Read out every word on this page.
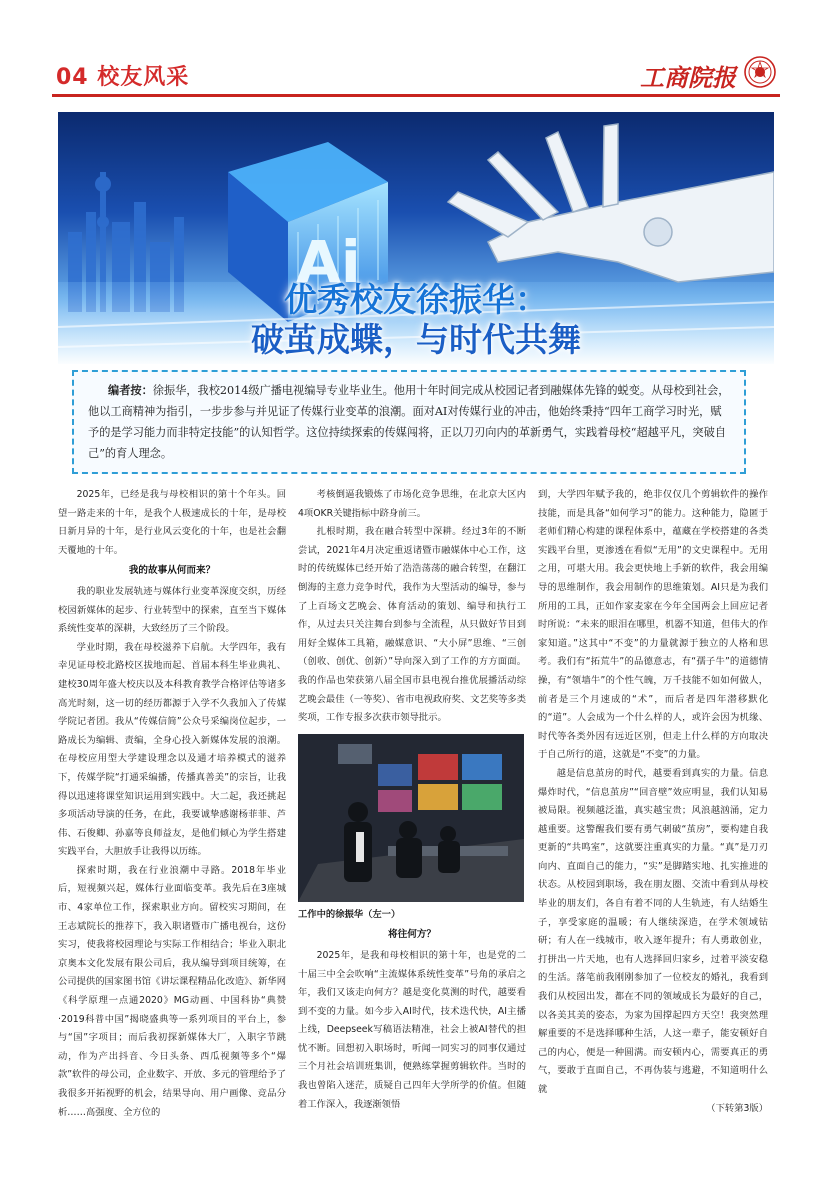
04 校友风采	工商院报
Ai
优秀校友徐振华：
破茧成蝶，与时代共舞

编者按：徐振华，我校2014级广播电视编导专业毕业生。他用十年时间完成从校园记者到融媒体先锋的蜕变。从母校到社会，他以工商精神为指引，一步步参与并见证了传媒行业变革的浪潮。面对AI对传媒行业的冲击，他始终秉持“四年工商学习时光，赋予的是学习能力而非特定技能”的认知哲学。这位持续探索的传媒闯将，正以刀刃向内的革新勇气，实践着母校“超越平凡，突破自己”的育人理念。

2025年，已经是我与母校相识的第十个年头。回望一路走来的十年，是我个人极速成长的十年，是母校日新月异的十年，是行业风云变化的十年，也是社会翻天覆地的十年。

我的故事从何而来？

我的职业发展轨迹与媒体行业变革深度交织，历经校园新媒体的起步、行业转型中的探索，直至当下媒体系统性变革的深耕，大致经历了三个阶段。

学业时期，我在母校滋养下启航。大学四年，我有幸见证母校北路校区拔地而起、首届本科生毕业典礼、建校30周年盛大校庆以及本科教育教学合格评估等诸多高光时刻，这一切的经历都源于入学不久我加入了传媒学院记者团。我从“传媒信简”公众号采编岗位起步，一路成长为编辑、责编，全身心投入新媒体发展的浪潮。在母校应用型大学建设理念以及通才培养模式的滋养下，传媒学院“打通采编播，传播真善美”的宗旨，让我得以迅速将课堂知识运用到实践中。大二起，我还挑起多项活动导演的任务，在此，我要诚挚感谢杨菲菲、芦伟、石俊卿、孙嘉等良师益友，是他们倾心为学生搭建实践平台，大胆放手让我得以历练。

探索时期，我在行业浪潮中寻路。2018年毕业后，短视频兴起，媒体行业面临变革。我先后在3座城市、4家单位工作，探索职业方向。留校实习期间，在王志斌院长的推荐下，我入职诸暨市广播电视台，这份实习，使我将校园理论与实际工作相结合；毕业入职北京奥本文化发展有限公司后，我从编导到项目统筹，在公司提供的国家图书馆《讲坛课程精品化改造》、新华网《科学原理一点通2020》MG动画、中国科协“典赞·2019科普中国”揭晓盛典等一系列项目的平台上，参与“国”字项目；而后我初探新媒体大厂，入职字节跳动，作为产出抖音、今日头条、西瓜视频等多个“爆款”软件的母公司，企业数字、开放、多元的管理给予了我很多开拓视野的机会，结果导向、用户画像、竞品分析……高强度、全方位的

考核倒逼我锻炼了市场化竞争思维，在北京大区内4项OKR关键指标中跻身前三。

扎根时期，我在融合转型中深耕。经过3年的不断尝试，2021年4月决定重返诸暨市融媒体中心工作，这时的传统媒体已经开始了浩浩荡荡的融合转型，在翻江倒海的主意力竞争时代，我作为大型活动的编导，参与了上百场文艺晚会、体育活动的策划、编导和执行工作，从过去只关注舞台到参与全流程，从只做好节目到用好全媒体工具箱，融媒意识、“大小屏”思维、“三创（创收、创优、创新）”导向深入到了工作的方方面面。我的作品也荣获第八届全国市县电视台推优展播活动综艺晚会最佳（一等奖）、省市电视政府奖、文艺奖等多类奖项，工作专报多次获市领导批示。

工作中的徐振华（左一）

将往何方？

2025年，是我和母校相识的第十年，也是党的二十届三中全会吹响“主流媒体系统性变革”号角的承启之年，我们又该走向何方？越是变化莫测的时代，越要看到不变的力量。如今步入AI时代，技术迭代快，AI主播上线，Deepseek写稿语法精准，社会上被AI替代的担忧不断。回想初入职场时，听闻一同实习的同事仅通过三个月社会培训班集训，便熟练掌握剪辑软件。当时的我也曾陷入迷茫，质疑自己四年大学所学的价值。但随着工作深入，我逐渐领悟

到，大学四年赋予我的，绝非仅仅几个剪辑软件的操作技能，而是具备“如何学习”的能力。这种能力，隐匿于老师们精心构建的课程体系中，蕴藏在学校搭建的各类实践平台里，更渗透在看似“无用”的文史课程中。无用之用，可堪大用。我会更快地上手新的软件，我会用编导的思维制作，我会用制作的思维策划。AI只是为我们所用的工具，正如作家麦家在今年全国两会上回应记者时所说：“未来的眼泪在哪里，机器不知道，但伟大的作家知道。”这其中“不变”的力量就源于独立的人格和思考。我们有“拓荒牛”的品德意志，有“孺子牛”的道德情操，有“领墙牛”的个性气魄，万千技能不如如何做人，前者是三个月速成的“术”，而后者是四年潜移默化的“道”。人会成为一个什么样的人，或许会因为机缘、时代等各类外因有远近区别，但走上什么样的方向取决于自己所行的道，这就是“不变”的力量。

越是信息茧房的时代，越要看到真实的力量。信息爆炸时代，“信息茧房”“回音壁”效应明显，我们认知易被局限。视频越泛滥，真实越宝贵；风浪越汹涌，定力越重要。这警醒我们要有勇气刺破“茧房”，要构建自我更新的“共鸣室”，这就要注重真实的力量。“真”是刀刃向内、直面自己的能力，“实”是脚踏实地、扎实推进的状态。从校园到职场，我在朋友圈、交流中看到从母校毕业的朋友们，各自有着不同的人生轨迹，有人结婚生子，享受家庭的温暖；有人继续深造，在学术领域钻研；有人在一线城市，收入逐年提升；有人勇敢创业，打拼出一片天地，也有人选择回归家乡，过着平淡安稳的生活。落笔前我刚刚参加了一位校友的婚礼，我看到我们从校园出发，都在不同的领域成长为最好的自己，以各美其美的姿态，为家为国撑起四方天空！我突然理解重要的不是选择哪种生活，人这一辈子，能安顿好自己的内心，便是一种圆满。而安顿内心，需要真正的勇气，要敢于直面自己，不再伪装与逃避，不知道明什么就

（下转第3版）
